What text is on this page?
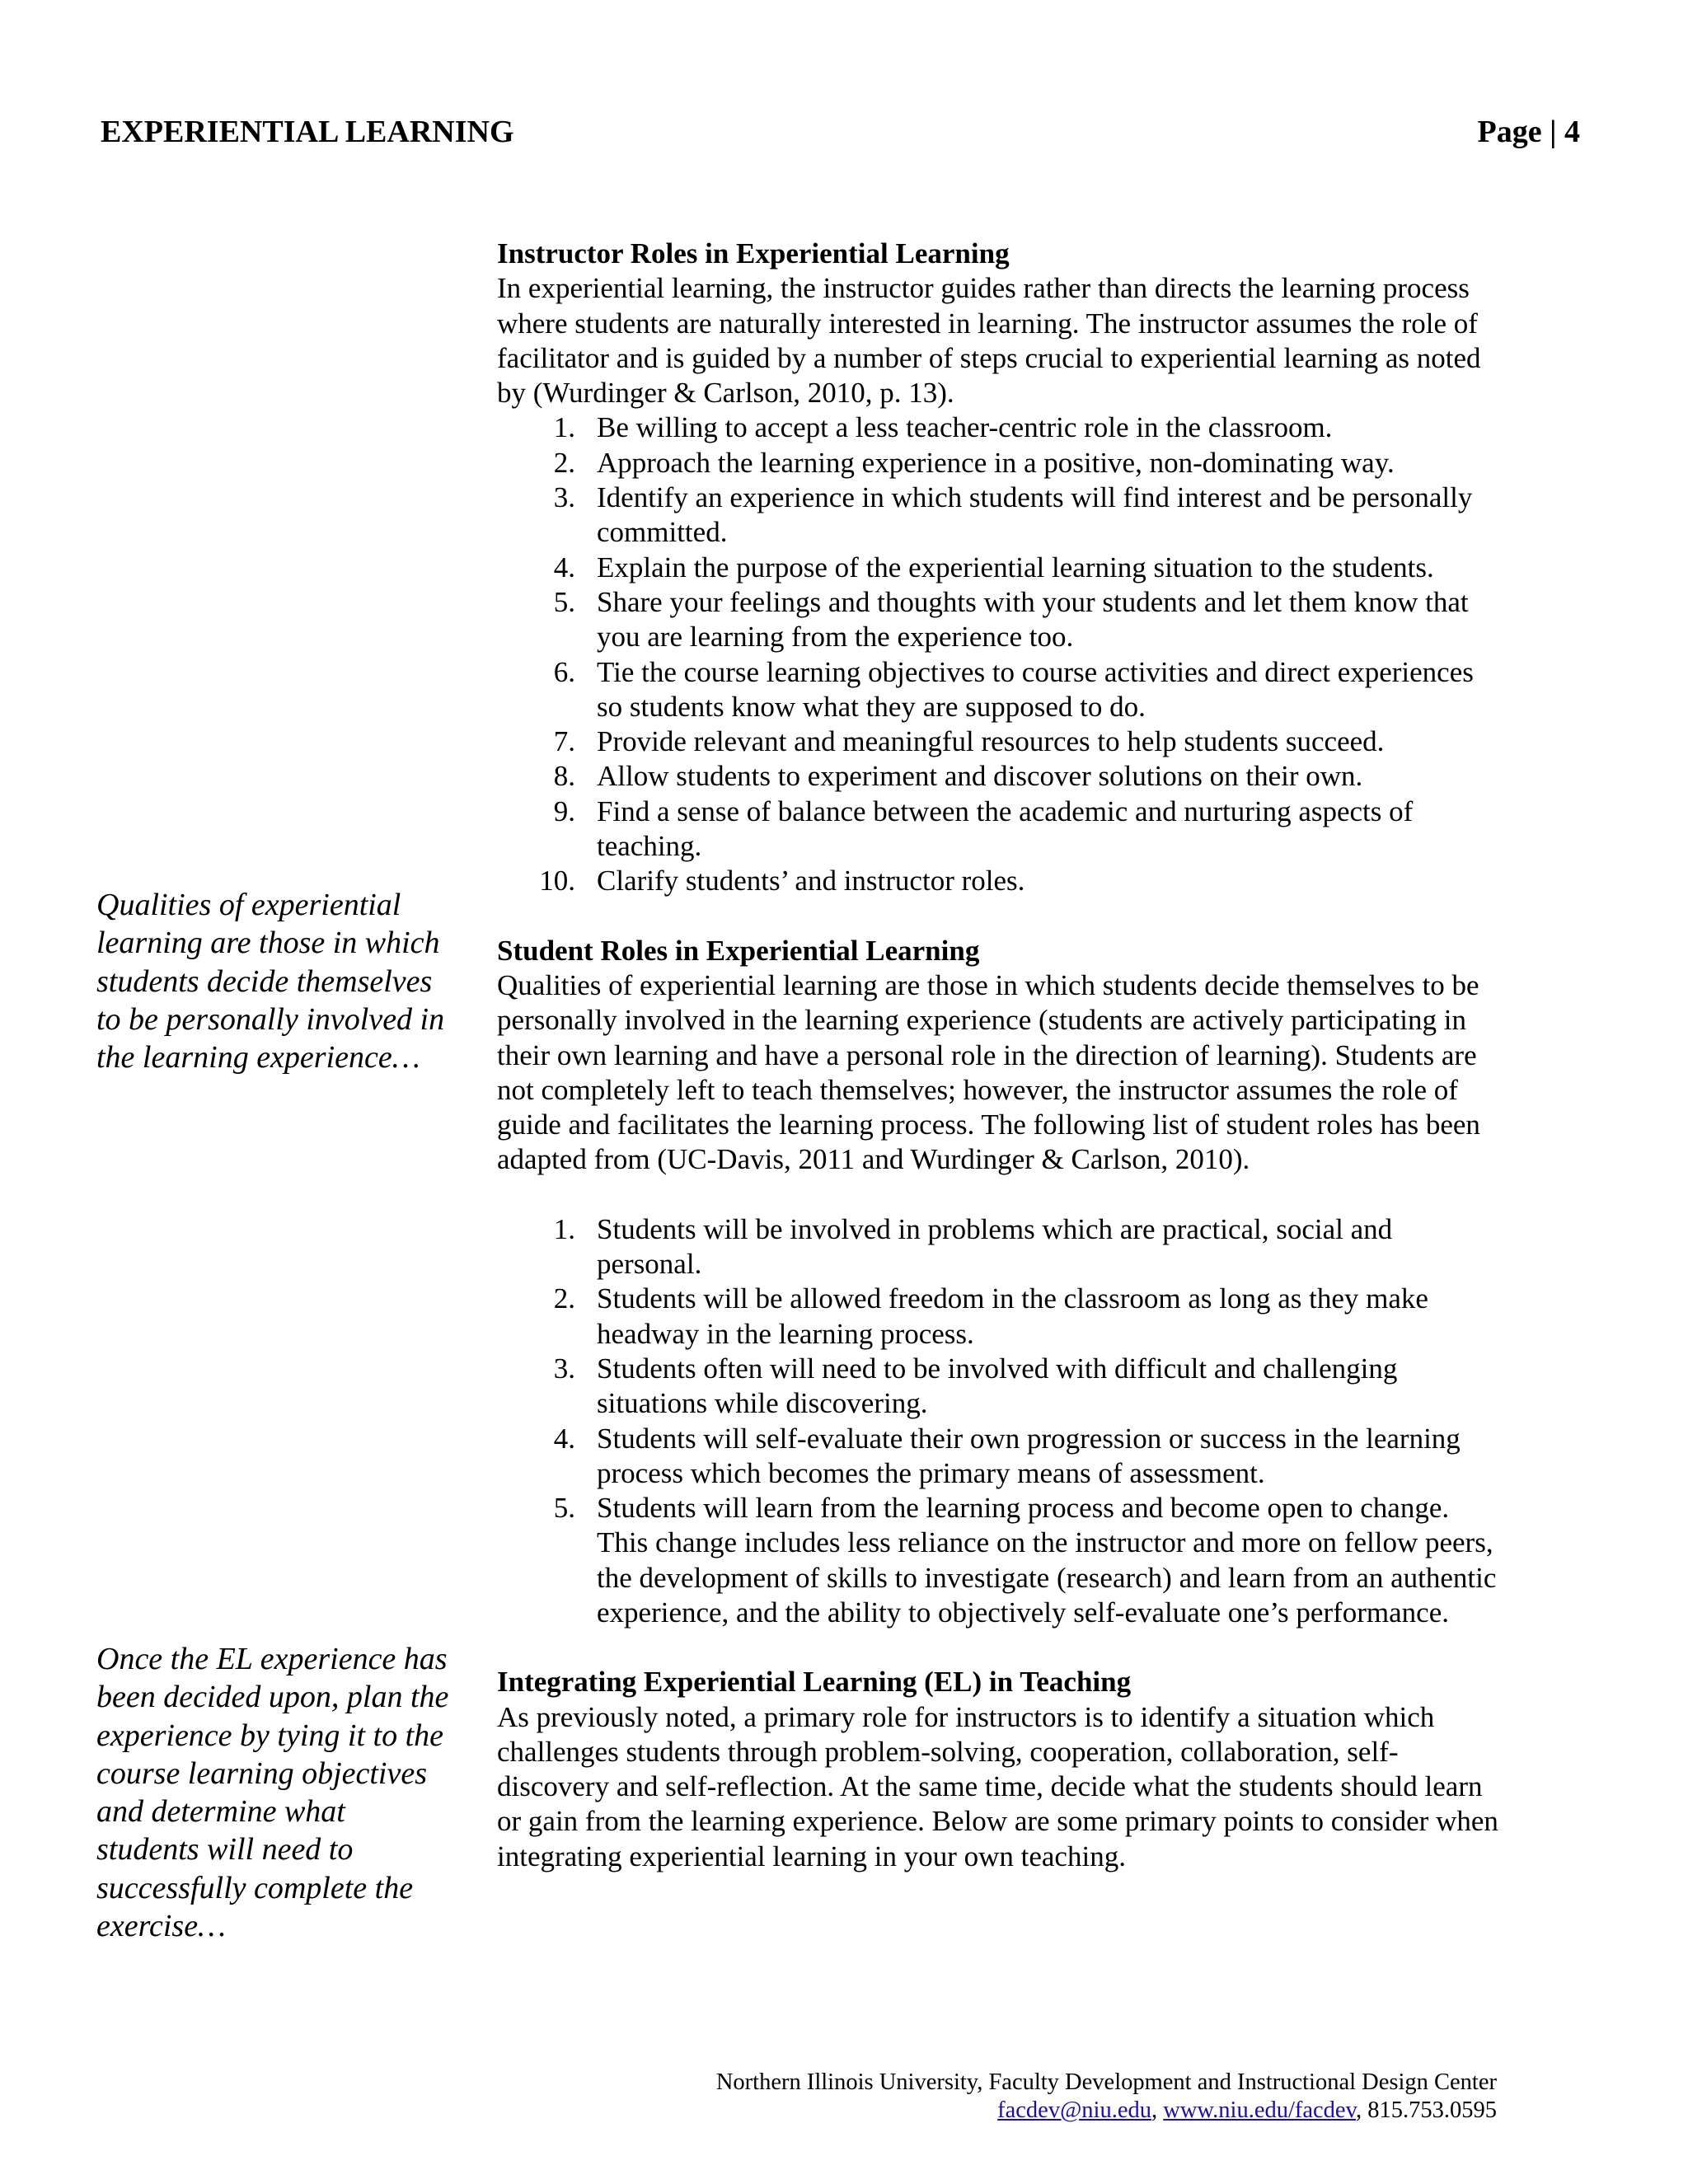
EXPERIENTIAL LEARNING	Page | 4

Qualities of experiential learning are those in which students decide themselves to be personally involved in the learning experience…

Once the EL experience has been decided upon, plan the experience by tying it to the course learning objectives and determine what students will need to successfully complete the exercise…

Instructor Roles in Experiential Learning

In experiential learning, the instructor guides rather than directs the learning process where students are naturally interested in learning. The instructor assumes the role of facilitator and is guided by a number of steps crucial to experiential learning as noted by (Wurdinger & Carlson, 2010, p. 13).

1. Be willing to accept a less teacher-centric role in the classroom.
2. Approach the learning experience in a positive, non-dominating way.
3. Identify an experience in which students will find interest and be personally committed.
4. Explain the purpose of the experiential learning situation to the students.
5. Share your feelings and thoughts with your students and let them know that you are learning from the experience too.
6. Tie the course learning objectives to course activities and direct experiences so students know what they are supposed to do.
7. Provide relevant and meaningful resources to help students succeed.
8. Allow students to experiment and discover solutions on their own.
9. Find a sense of balance between the academic and nurturing aspects of teaching.
10. Clarify students’ and instructor roles.
Student Roles in Experiential Learning

Qualities of experiential learning are those in which students decide themselves to be personally involved in the learning experience (students are actively participating in their own learning and have a personal role in the direction of learning). Students are not completely left to teach themselves; however, the instructor assumes the role of guide and facilitates the learning process. The following list of student roles has been adapted from (UC-Davis, 2011 and Wurdinger & Carlson, 2010).

1. Students will be involved in problems which are practical, social and personal.
2. Students will be allowed freedom in the classroom as long as they make headway in the learning process.
3. Students often will need to be involved with difficult and challenging situations while discovering.
4. Students will self-evaluate their own progression or success in the learning process which becomes the primary means of assessment.
5. Students will learn from the learning process and become open to change. This change includes less reliance on the instructor and more on fellow peers, the development of skills to investigate (research) and learn from an authentic experience, and the ability to objectively self-evaluate one’s performance.
Integrating Experiential Learning (EL) in Teaching

As previously noted, a primary role for instructors is to identify a situation which challenges students through problem-solving, cooperation, collaboration, self-discovery and self-reflection. At the same time, decide what the students should learn or gain from the learning experience. Below are some primary points to consider when integrating experiential learning in your own teaching.

Northern Illinois University, Faculty Development and Instructional Design Center
facdev@niu.edu, www.niu.edu/facdev, 815.753.0595
